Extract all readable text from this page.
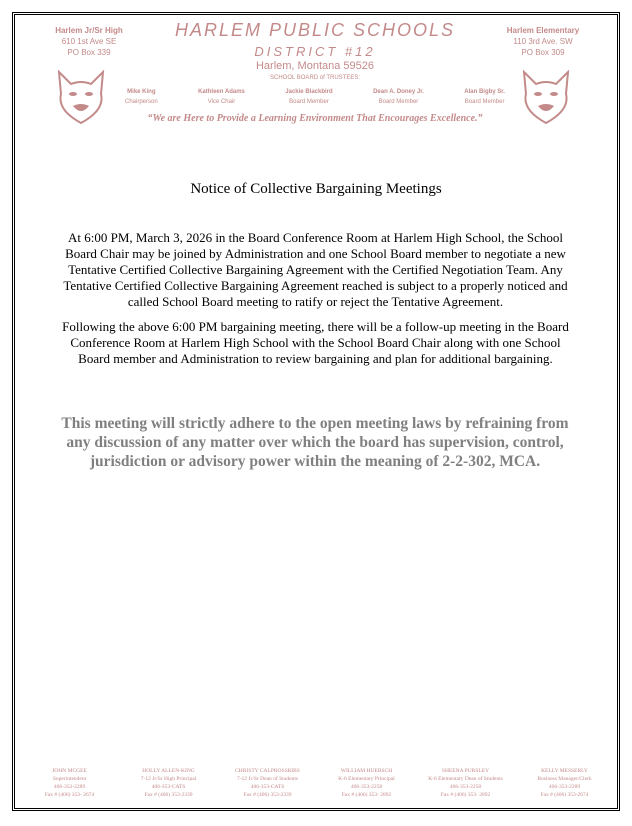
Harlem Jr/Sr High
610 1st Ave SE
PO Box 339
Harlem Elementary
110 3rd Ave. SW
PO Box 309
HARLEM PUBLIC SCHOOLS
DISTRICT #12
Harlem, Montana 59526
SCHOOL BOARD of TRUSTEES:
Mike King
Chairperson
Kathleen Adams
Vice Chair
Jackie Blackbird
Board Member
Dean A. Doney Jr.
Board Member
Alan Bigby Sr.
Board Member
“We are Here to Provide a Learning Environment That Encourages Excellence.”
Notice of Collective Bargaining Meetings
At 6:00 PM, March 3, 2026 in the Board Conference Room at Harlem High School, the School Board Chair may be joined by Administration and one School Board member to negotiate a new Tentative Certified Collective Bargaining Agreement with the Certified Negotiation Team. Any Tentative Certified Collective Bargaining Agreement reached is subject to a properly noticed and called School Board meeting to ratify or reject the Tentative Agreement.
Following the above 6:00 PM bargaining meeting, there will be a follow-up meeting in the Board Conference Room at Harlem High School with the School Board Chair along with one School Board member and Administration to review bargaining and plan for additional bargaining.
This meeting will strictly adhere to the open meeting laws by refraining from any discussion of any matter over which the board has supervision, control, jurisdiction or advisory power within the meaning of 2-2-302, MCA.
JOHN MCGEE
Superintendent
406-353-2289
Fax # (406) 353- 2674
HOLLY ALLEN-KING
7-12 Jr/Sr High Principal
406-353-CATS
Fax # (406) 353-2339
CHRISTY CALPROSSRIBS
7-12 Jr/Sr Dean of Students
406-353-CATS
Fax # (406) 353-2339
WILLIAM HUEBSCH
K-6 Elementary Principal
406-353-2258
Fax # (406) 353- 2892
SHEENA PURSLEY
K-6 Elementary Dean of Students
406-353-2258
Fax # (406) 353- 2892
KELLY MESSERLY
Business Manager/Clerk
406-353-2289
Fax # (406) 353-2674
